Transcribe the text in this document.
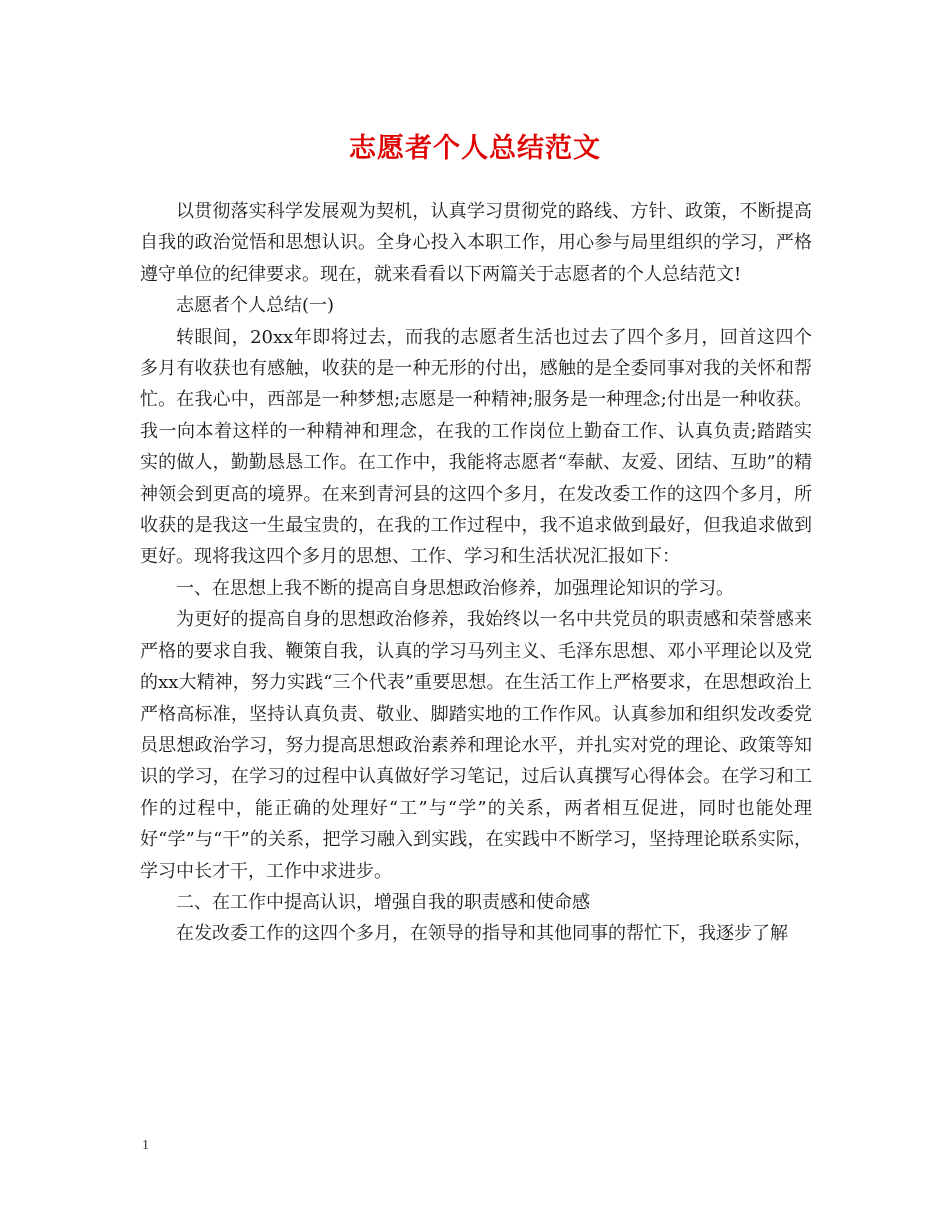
志愿者个人总结范文

以贯彻落实科学发展观为契机，认真学习贯彻党的路线、方针、政策，不断提高自我的政治觉悟和思想认识。全身心投入本职工作，用心参与局里组织的学习，严格遵守单位的纪律要求。现在，就来看看以下两篇关于志愿者的个人总结范文!

志愿者个人总结(一)

转眼间，20xx年即将过去，而我的志愿者生活也过去了四个多月，回首这四个多月有收获也有感触，收获的是一种无形的付出，感触的是全委同事对我的关怀和帮忙。在我心中，西部是一种梦想;志愿是一种精神;服务是一种理念;付出是一种收获。我一向本着这样的一种精神和理念，在我的工作岗位上勤奋工作、认真负责;踏踏实实的做人，勤勤恳恳工作。在工作中，我能将志愿者“奉献、友爱、团结、互助”的精神领会到更高的境界。在来到青河县的这四个多月，在发改委工作的这四个多月，所收获的是我这一生最宝贵的，在我的工作过程中，我不追求做到最好，但我追求做到更好。现将我这四个多月的思想、工作、学习和生活状况汇报如下：

一、在思想上我不断的提高自身思想政治修养，加强理论知识的学习。

为更好的提高自身的思想政治修养，我始终以一名中共党员的职责感和荣誉感来严格的要求自我、鞭策自我，认真的学习马列主义、毛泽东思想、邓小平理论以及党的xx大精神，努力实践“三个代表”重要思想。在生活工作上严格要求，在思想政治上严格高标准，坚持认真负责、敬业、脚踏实地的工作作风。认真参加和组织发改委党员思想政治学习，努力提高思想政治素养和理论水平，并扎实对党的理论、政策等知识的学习，在学习的过程中认真做好学习笔记，过后认真撰写心得体会。在学习和工作的过程中，能正确的处理好“工”与“学”的关系，两者相互促进，同时也能处理好“学”与“干”的关系，把学习融入到实践，在实践中不断学习，坚持理论联系实际，学习中长才干，工作中求进步。

二、在工作中提高认识，增强自我的职责感和使命感

在发改委工作的这四个多月，在领导的指导和其他同事的帮忙下，我逐步了解

1
